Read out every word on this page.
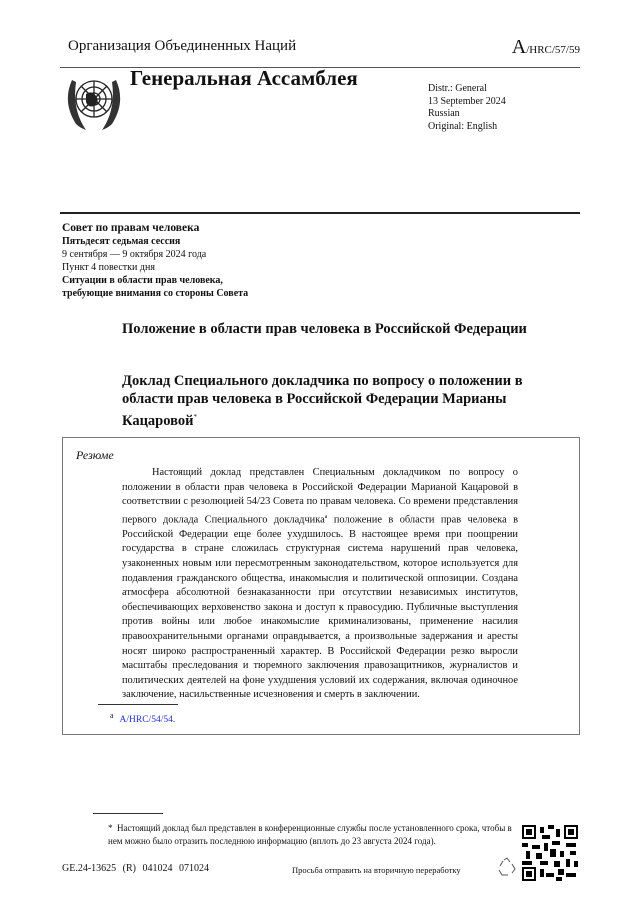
Организация Объединенных Наций	A/HRC/57/59
Генеральная Ассамблея	Distr.: General
13 September 2024
Russian
Original: English
Совет по правам человека
Пятьдесят седьмая сессия
9 сентября — 9 октября 2024 года
Пункт 4 повестки дня
Ситуации в области прав человека,
требующие внимания со стороны Совета
Положение в области прав человека в Российской Федерации
Доклад Специального докладчика по вопросу о положении в области прав человека в Российской Федерации Марианы Кацаровой*
Резюме
Настоящий доклад представлен Специальным докладчиком по вопросу о положении в области прав человека в Российской Федерации Марианой Кацаровой в соответствии с резолюцией 54/23 Совета по правам человека. Со времени представления первого доклада Специального докладчика$^a$ положение в области прав человека в Российской Федерации еще более ухудшилось. В настоящее время при поощрении государства в стране сложилась структурная система нарушений прав человека, узаконенных новым или пересмотренным законодательством, которое используется для подавления гражданского общества, инакомыслия и политической оппозиции. Создана атмосфера абсолютной безнаказанности при отсутствии независимых институтов, обеспечивающих верховенство закона и доступ к правосудию. Публичные выступления против войны или любое инакомыслие криминализованы, применение насилия правоохранительными органами оправдывается, а произвольные задержания и аресты носят широко распространенный характер. В Российской Федерации резко выросли масштабы преследования и тюремного заключения правозащитников, журналистов и политических деятелей на фоне ухудшения условий их содержания, включая одиночное заключение, насильственные исчезновения и смерть в заключении.
$^a$ A/HRC/54/54.
* Настоящий доклад был представлен в конференционные службы после установленного срока, чтобы в нем можно было отразить последнюю информацию (вплоть до 23 августа 2024 года).
GE.24-13625 (R) 041024 071024	Просьба отправить на вторичную переработку
